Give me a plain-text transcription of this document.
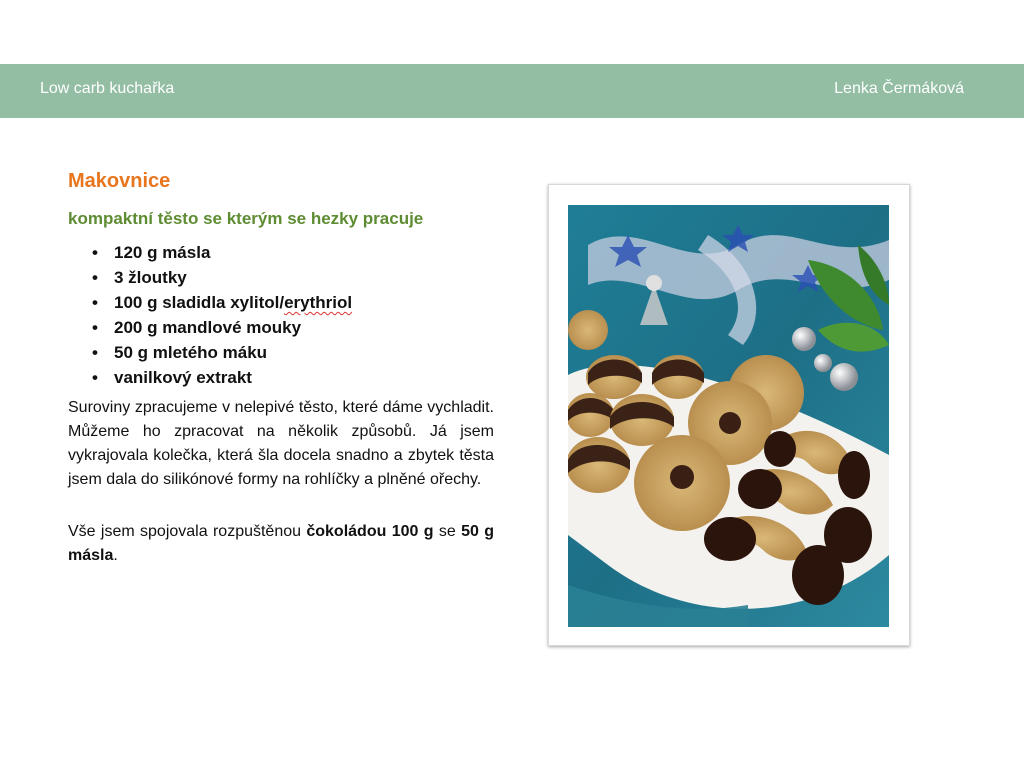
Low carb kuchařka	Lenka Čermáková
Makovnice
kompaktní těsto se kterým se hezky pracuje
• 120 g másla
• 3 žloutky
• 100 g sladidla xylitol/erythriol
• 200 g mandlové mouky
• 50 g mletého máku
• vanilkový extrakt
Suroviny zpracujeme v nelepivé těsto, které dáme vychladit. Můžeme ho zpracovat na několik způsobů. Já jsem vykrajovala kolečka, která šla docela snadno a zbytek těsta jsem dala do silikónové formy na rohlíčky a plněné ořechy.
Vše jsem spojovala rozpuštěnou čokoládou 100 g se 50 g másla.
